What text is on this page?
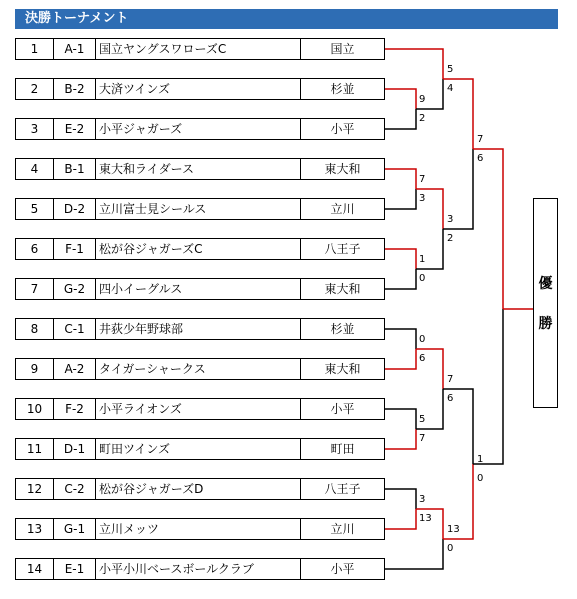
決勝トーナメント
1	A-1	国立ヤングスワローズC	国立
2	B-2	大済ツインズ	杉並
3	E-2	小平ジャガーズ	小平
4	B-1	東大和ライダース	東大和
5	D-2	立川富士見シールス	立川
6	F-1	松が谷ジャガーズC	八王子
7	G-2	四小イーグルス	東大和
8	C-1	井荻少年野球部	杉並
9	A-2	タイガーシャークス	東大和
10	F-2	小平ライオンズ	小平
11	D-1	町田ツインズ	町田
12	C-2	松が谷ジャガーズD	八王子
13	G-1	立川メッツ	立川
14	E-1	小平小川ベースボールクラブ	小平
9
2
7
3
1
0
0
6
5
7
3
13
5
4
3
2
7
6
13
0
7
6
1
0
優
勝
